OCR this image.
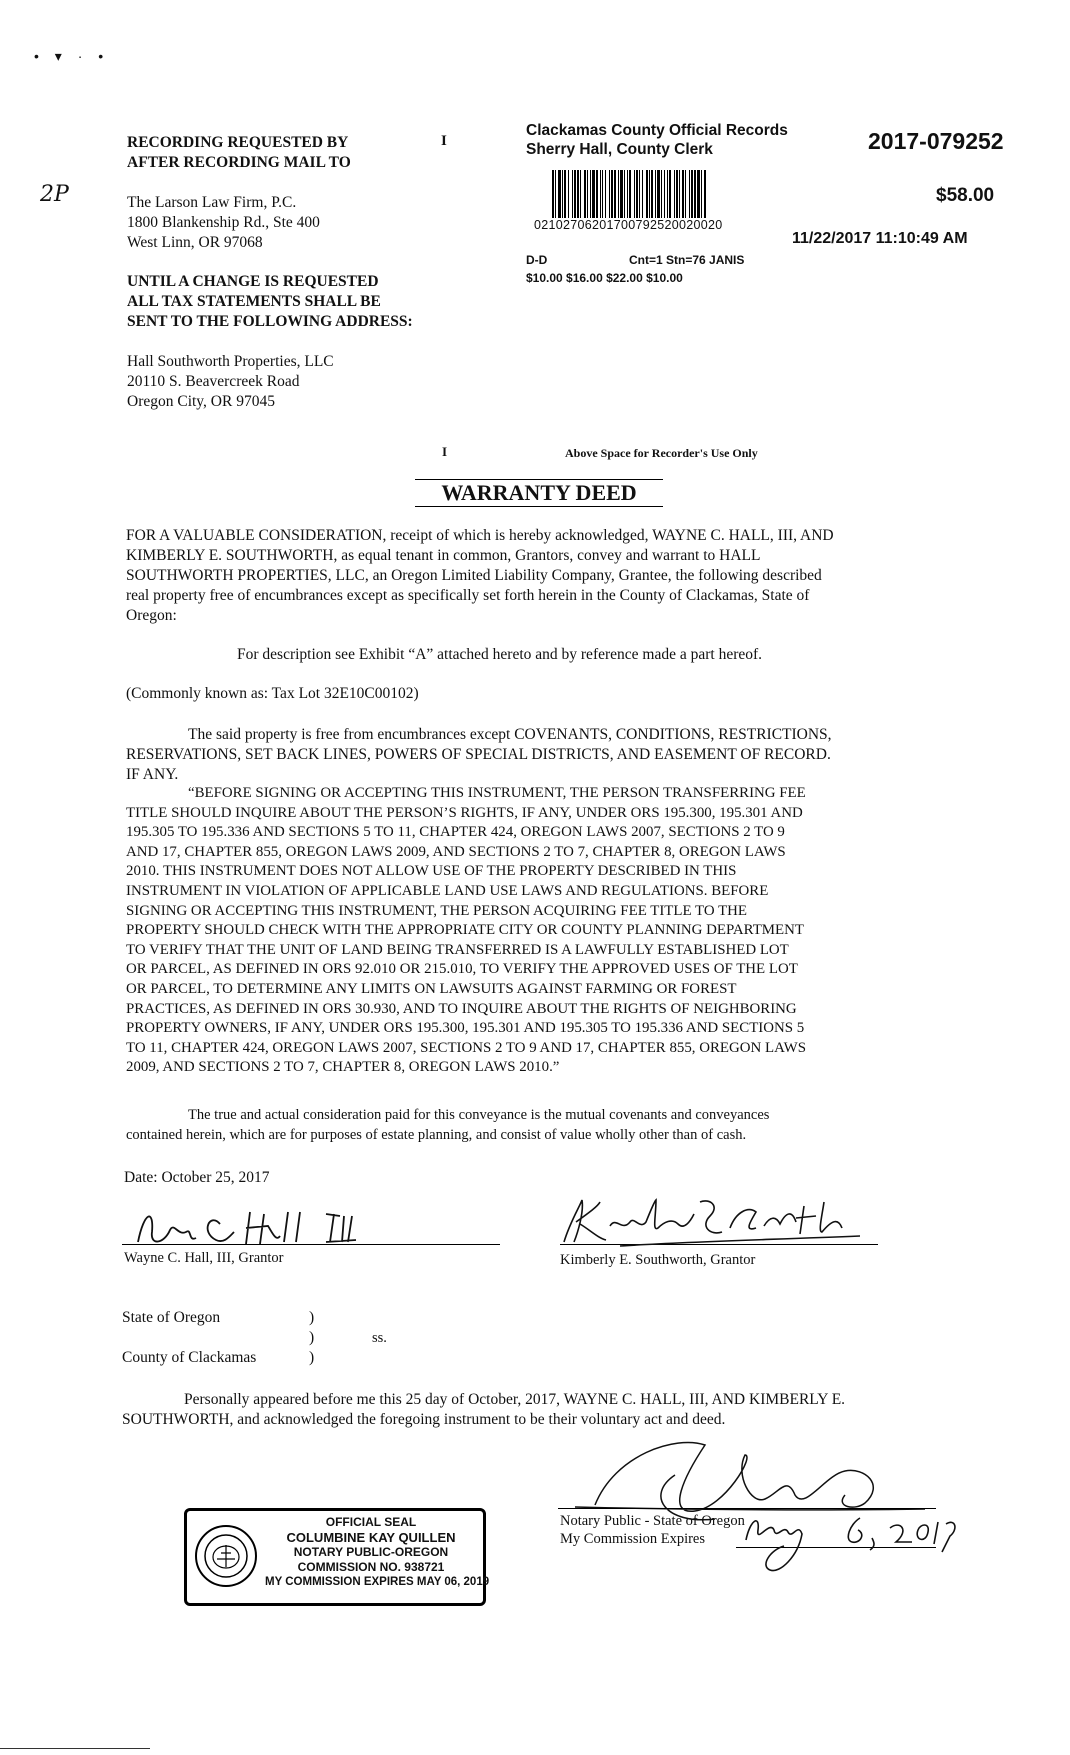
• ▾ · •
2P
RECORDING REQUESTED BY
AFTER RECORDING MAIL TO
I
The Larson Law Firm, P.C.
1800 Blankenship Rd., Ste 400
West Linn, OR 97068
UNTIL A CHANGE IS REQUESTED
ALL TAX STATEMENTS SHALL BE
SENT TO THE FOLLOWING ADDRESS:
Hall Southworth Properties, LLC
20110 S. Beavercreek Road
Oregon City, OR 97045
I	Above Space for Recorder's Use Only
Clackamas County Official Records
Sherry Hall, County Clerk	2017-079252
02102706201700792520020020
$58.00
11/22/2017 11:10:49 AM
D-D	Cnt=1 Stn=76 JANIS
$10.00 $16.00 $22.00 $10.00
WARRANTY DEED
FOR A VALUABLE CONSIDERATION, receipt of which is hereby acknowledged, WAYNE C. HALL, III, AND
KIMBERLY E. SOUTHWORTH, as equal tenant in common, Grantors, convey and warrant to HALL
SOUTHWORTH PROPERTIES, LLC, an Oregon Limited Liability Company, Grantee, the following described
real property free of encumbrances except as specifically set forth herein in the County of Clackamas, State of
Oregon:
For description see Exhibit “A” attached hereto and by reference made a part hereof.
(Commonly known as: Tax Lot 32E10C00102)
The said property is free from encumbrances except COVENANTS, CONDITIONS, RESTRICTIONS,
RESERVATIONS, SET BACK LINES, POWERS OF SPECIAL DISTRICTS, AND EASEMENT OF RECORD.
IF ANY.
“BEFORE SIGNING OR ACCEPTING THIS INSTRUMENT, THE PERSON TRANSFERRING FEE
TITLE SHOULD INQUIRE ABOUT THE PERSON’S RIGHTS, IF ANY, UNDER ORS 195.300, 195.301 AND
195.305 TO 195.336 AND SECTIONS 5 TO 11, CHAPTER 424, OREGON LAWS 2007, SECTIONS 2 TO 9
AND 17, CHAPTER 855, OREGON LAWS 2009, AND SECTIONS 2 TO 7, CHAPTER 8, OREGON LAWS
2010. THIS INSTRUMENT DOES NOT ALLOW USE OF THE PROPERTY DESCRIBED IN THIS
INSTRUMENT IN VIOLATION OF APPLICABLE LAND USE LAWS AND REGULATIONS. BEFORE
SIGNING OR ACCEPTING THIS INSTRUMENT, THE PERSON ACQUIRING FEE TITLE TO THE
PROPERTY SHOULD CHECK WITH THE APPROPRIATE CITY OR COUNTY PLANNING DEPARTMENT
TO VERIFY THAT THE UNIT OF LAND BEING TRANSFERRED IS A LAWFULLY ESTABLISHED LOT
OR PARCEL, AS DEFINED IN ORS 92.010 OR 215.010, TO VERIFY THE APPROVED USES OF THE LOT
OR PARCEL, TO DETERMINE ANY LIMITS ON LAWSUITS AGAINST FARMING OR FOREST
PRACTICES, AS DEFINED IN ORS 30.930, AND TO INQUIRE ABOUT THE RIGHTS OF NEIGHBORING
PROPERTY OWNERS, IF ANY, UNDER ORS 195.300, 195.301 AND 195.305 TO 195.336 AND SECTIONS 5
TO 11, CHAPTER 424, OREGON LAWS 2007, SECTIONS 2 TO 9 AND 17, CHAPTER 855, OREGON LAWS
2009, AND SECTIONS 2 TO 7, CHAPTER 8, OREGON LAWS 2010.”
The true and actual consideration paid for this conveyance is the mutual covenants and conveyances
contained herein, which are for purposes of estate planning, and consist of value wholly other than of cash.
Date: October 25, 2017
Wayne C. Hall, III, Grantor	Kimberly E. Southworth, Grantor
State of Oregon	)
)	ss.
County of Clackamas	)
Personally appeared before me this 25 day of October, 2017, WAYNE C. HALL, III, AND KIMBERLY E.
SOUTHWORTH, and acknowledged the foregoing instrument to be their voluntary act and deed.
Notary Public - State of Oregon
My Commission Expires
OFFICIAL SEAL
COLUMBINE KAY QUILLEN
NOTARY PUBLIC-OREGON
COMMISSION NO. 938721
MY COMMISSION EXPIRES MAY 06, 2019
